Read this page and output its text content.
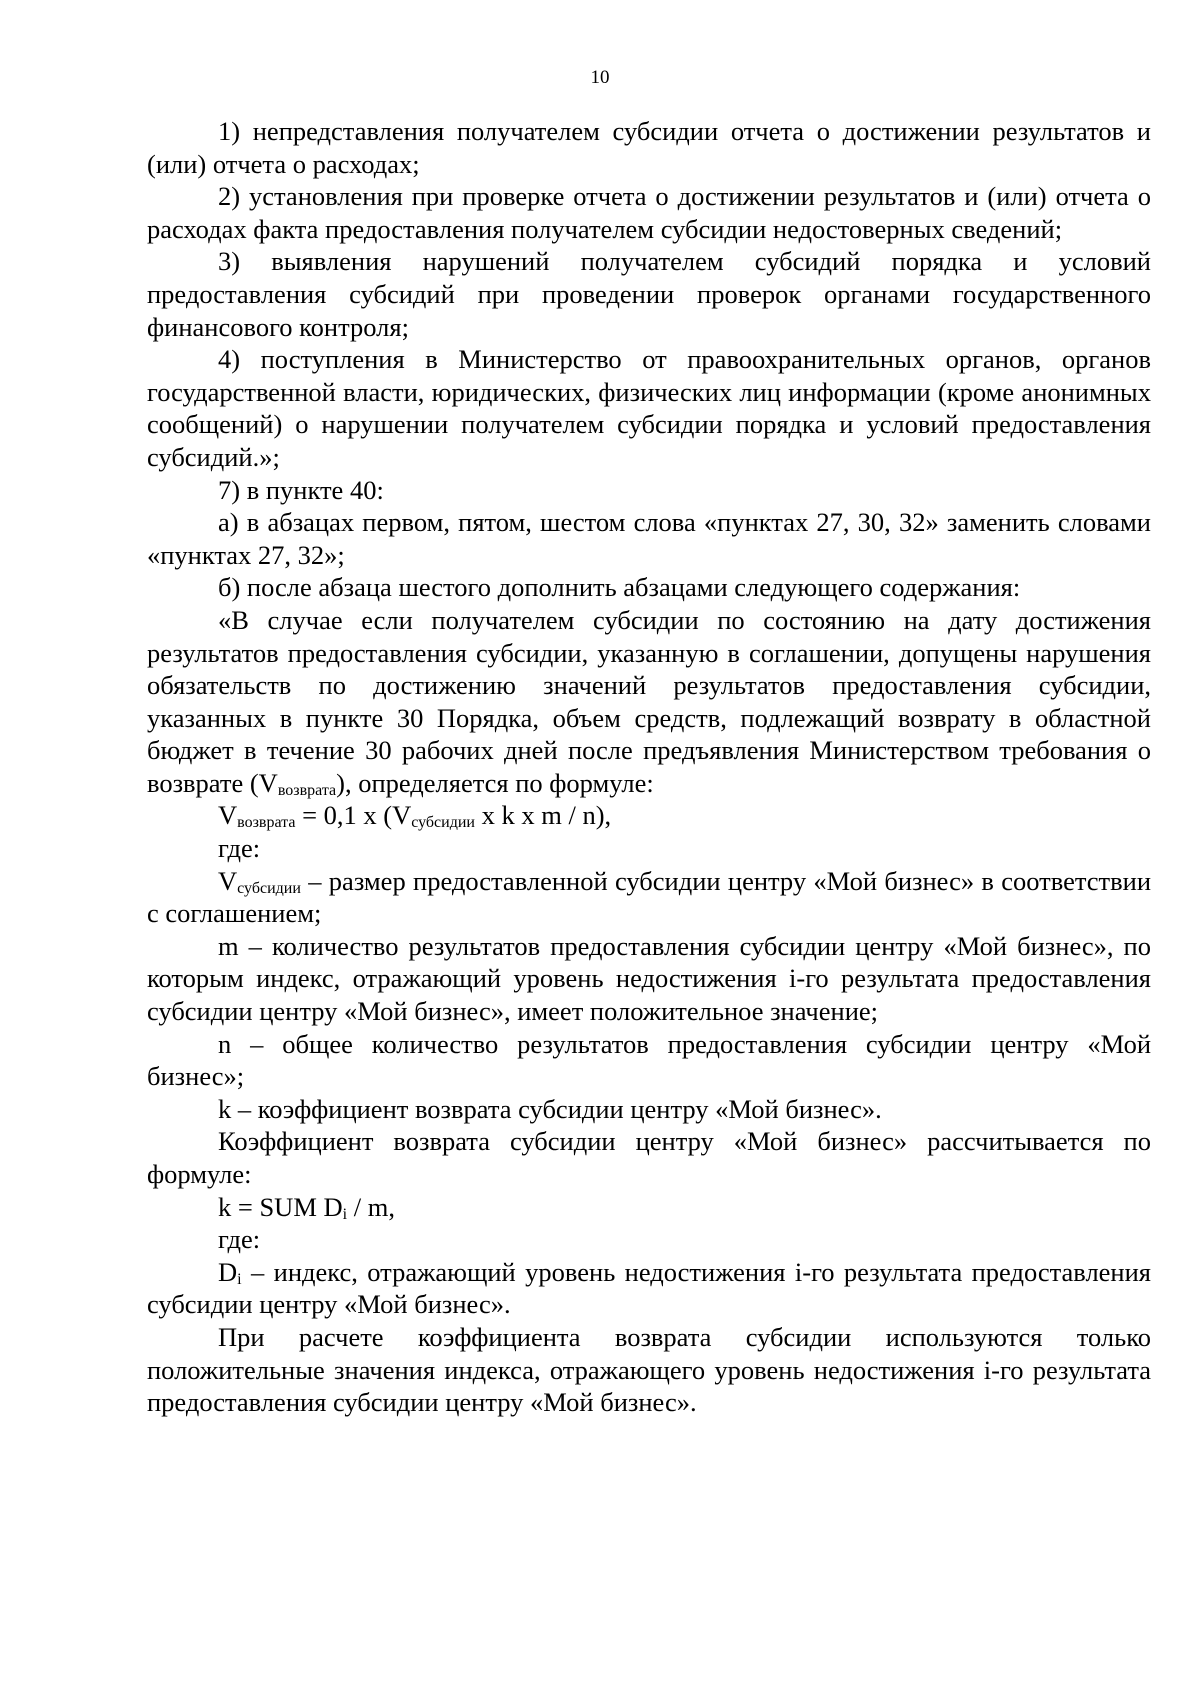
10

1) непредставления получателем субсидии отчета о достижении результатов и (или) отчета о расходах;

2) установления при проверке отчета о достижении результатов и (или) отчета о расходах факта предоставления получателем субсидии недостоверных сведений;

3) выявления нарушений получателем субсидий порядка и условий предоставления субсидий при проведении проверок органами государственного финансового контроля;

4) поступления в Министерство от правоохранительных органов, органов государственной власти, юридических, физических лиц информации (кроме анонимных сообщений) о нарушении получателем субсидии порядка и условий предоставления субсидий.»;

7) в пункте 40:

а) в абзацах первом, пятом, шестом слова «пунктах 27, 30, 32» заменить словами «пунктах 27, 32»;

б) после абзаца шестого дополнить абзацами следующего содержания:

«В случае если получателем субсидии по состоянию на дату достижения результатов предоставления субсидии, указанную в соглашении, допущены нарушения обязательств по достижению значений результатов предоставления субсидии, указанных в пункте 30 Порядка, объем средств, подлежащий возврату в областной бюджет в течение 30 рабочих дней после предъявления Министерством требования о возврате $(V_{возврата})$, определяется по формуле:

$V_{возврата} = 0,1$ x ($V_{субсидии}$ x k x m / n),

где:

$V_{субсидии}$ – размер предоставленной субсидии центру «Мой бизнес» в соответствии с соглашением;

m – количество результатов предоставления субсидии центру «Мой бизнес», по которым индекс, отражающий уровень недостижения i-го результата предоставления субсидии центру «Мой бизнес», имеет положительное значение;

n – общее количество результатов предоставления субсидии центру «Мой бизнес»;

k – коэффициент возврата субсидии центру «Мой бизнес».

Коэффициент возврата субсидии центру «Мой бизнес» рассчитывается по формуле:

k = SUM $D_i$ / m,

где:

$D_i$ – индекс, отражающий уровень недостижения i-го результата предоставления субсидии центру «Мой бизнес».

При расчете коэффициента возврата субсидии используются только положительные значения индекса, отражающего уровень недостижения i-го результата предоставления субсидии центру «Мой бизнес».
